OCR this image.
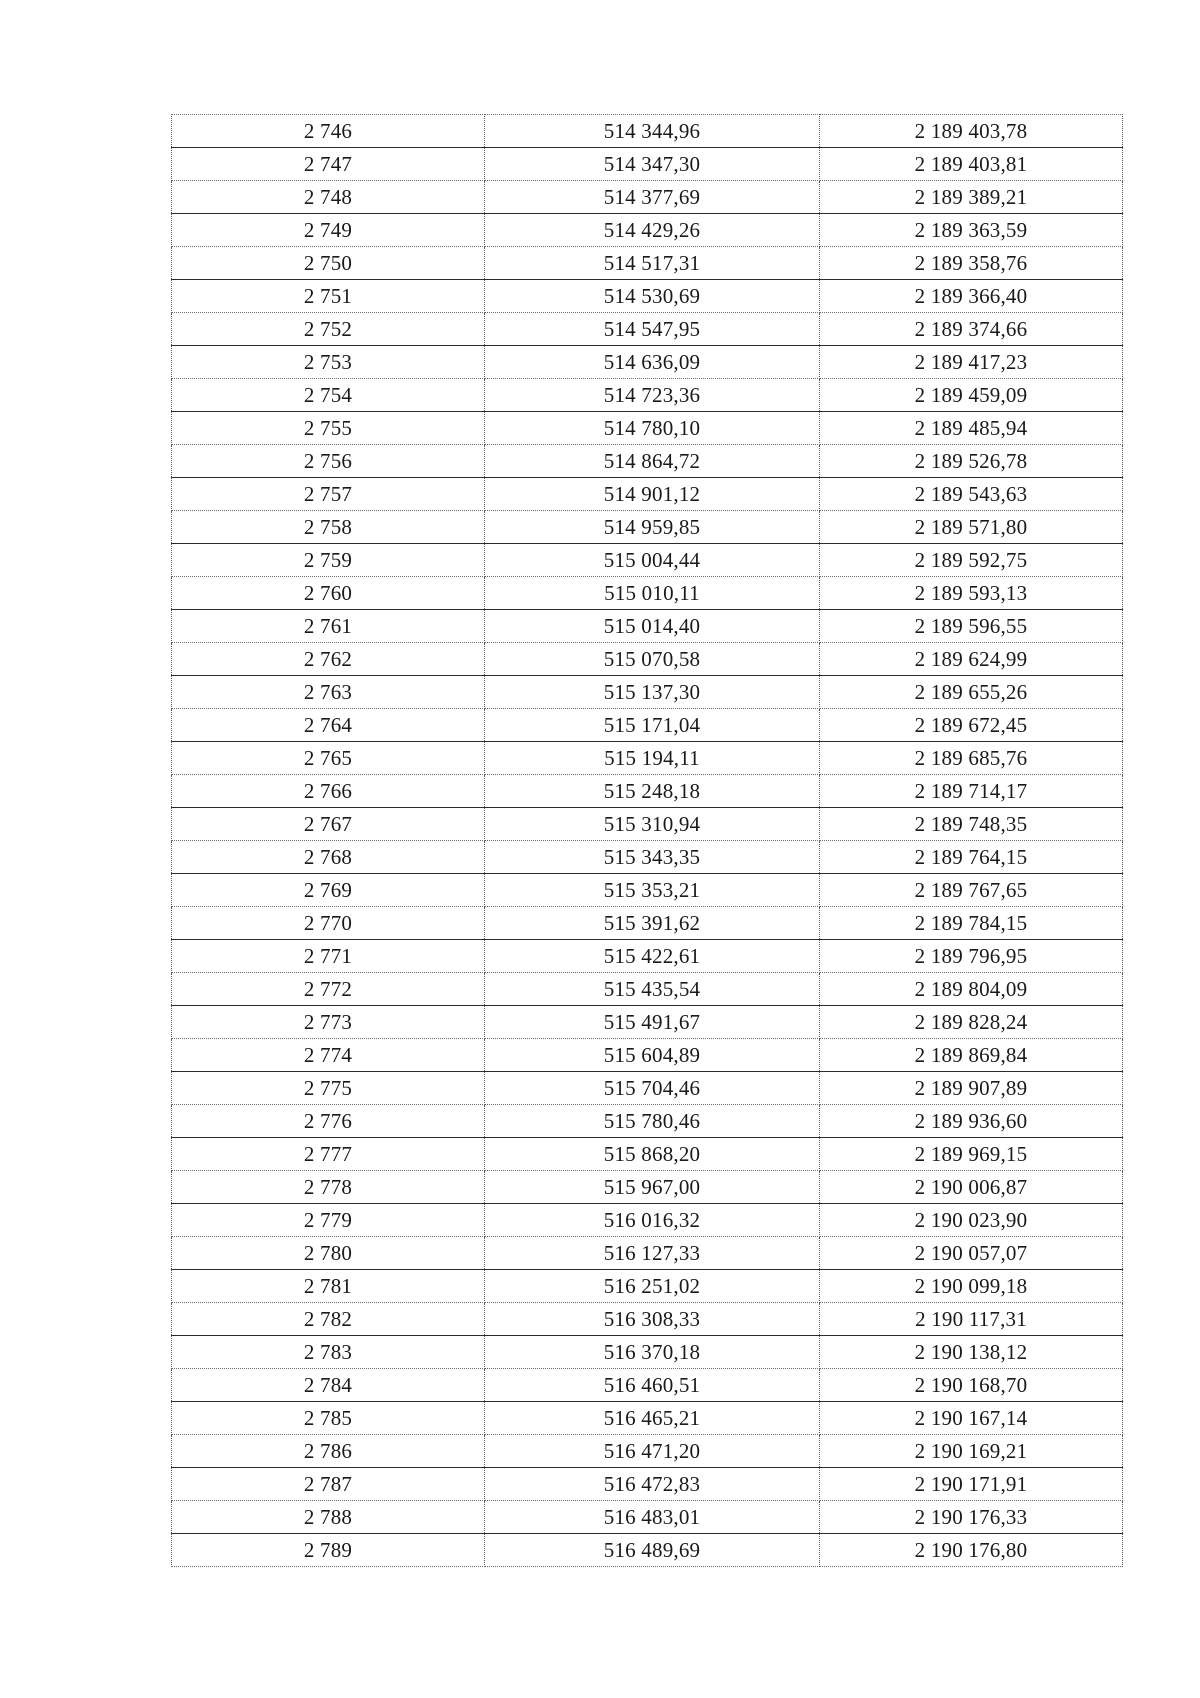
2 746	514 344,96	2 189 403,78
2 747	514 347,30	2 189 403,81
2 748	514 377,69	2 189 389,21
2 749	514 429,26	2 189 363,59
2 750	514 517,31	2 189 358,76
2 751	514 530,69	2 189 366,40
2 752	514 547,95	2 189 374,66
2 753	514 636,09	2 189 417,23
2 754	514 723,36	2 189 459,09
2 755	514 780,10	2 189 485,94
2 756	514 864,72	2 189 526,78
2 757	514 901,12	2 189 543,63
2 758	514 959,85	2 189 571,80
2 759	515 004,44	2 189 592,75
2 760	515 010,11	2 189 593,13
2 761	515 014,40	2 189 596,55
2 762	515 070,58	2 189 624,99
2 763	515 137,30	2 189 655,26
2 764	515 171,04	2 189 672,45
2 765	515 194,11	2 189 685,76
2 766	515 248,18	2 189 714,17
2 767	515 310,94	2 189 748,35
2 768	515 343,35	2 189 764,15
2 769	515 353,21	2 189 767,65
2 770	515 391,62	2 189 784,15
2 771	515 422,61	2 189 796,95
2 772	515 435,54	2 189 804,09
2 773	515 491,67	2 189 828,24
2 774	515 604,89	2 189 869,84
2 775	515 704,46	2 189 907,89
2 776	515 780,46	2 189 936,60
2 777	515 868,20	2 189 969,15
2 778	515 967,00	2 190 006,87
2 779	516 016,32	2 190 023,90
2 780	516 127,33	2 190 057,07
2 781	516 251,02	2 190 099,18
2 782	516 308,33	2 190 117,31
2 783	516 370,18	2 190 138,12
2 784	516 460,51	2 190 168,70
2 785	516 465,21	2 190 167,14
2 786	516 471,20	2 190 169,21
2 787	516 472,83	2 190 171,91
2 788	516 483,01	2 190 176,33
2 789	516 489,69	2 190 176,80
